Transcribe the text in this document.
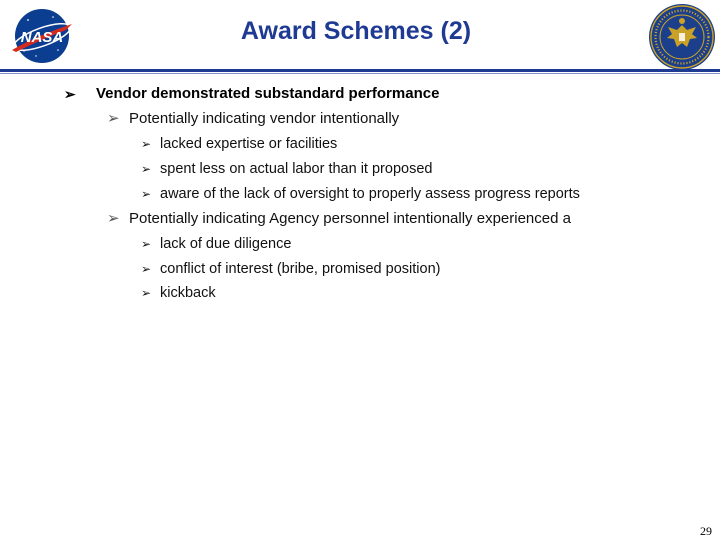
NASA	Award Schemes (2)
➢	Vendor demonstrated substandard performance
➢ Potentially indicating vendor intentionally
➢ lacked expertise or facilities
➢ spent less on actual labor than it proposed
➢ aware of the lack of oversight to properly assess progress reports
➢ Potentially indicating Agency personnel intentionally experienced a
➢ lack of due diligence
➢ conflict of interest (bribe, promised position)
➢ kickback
29
